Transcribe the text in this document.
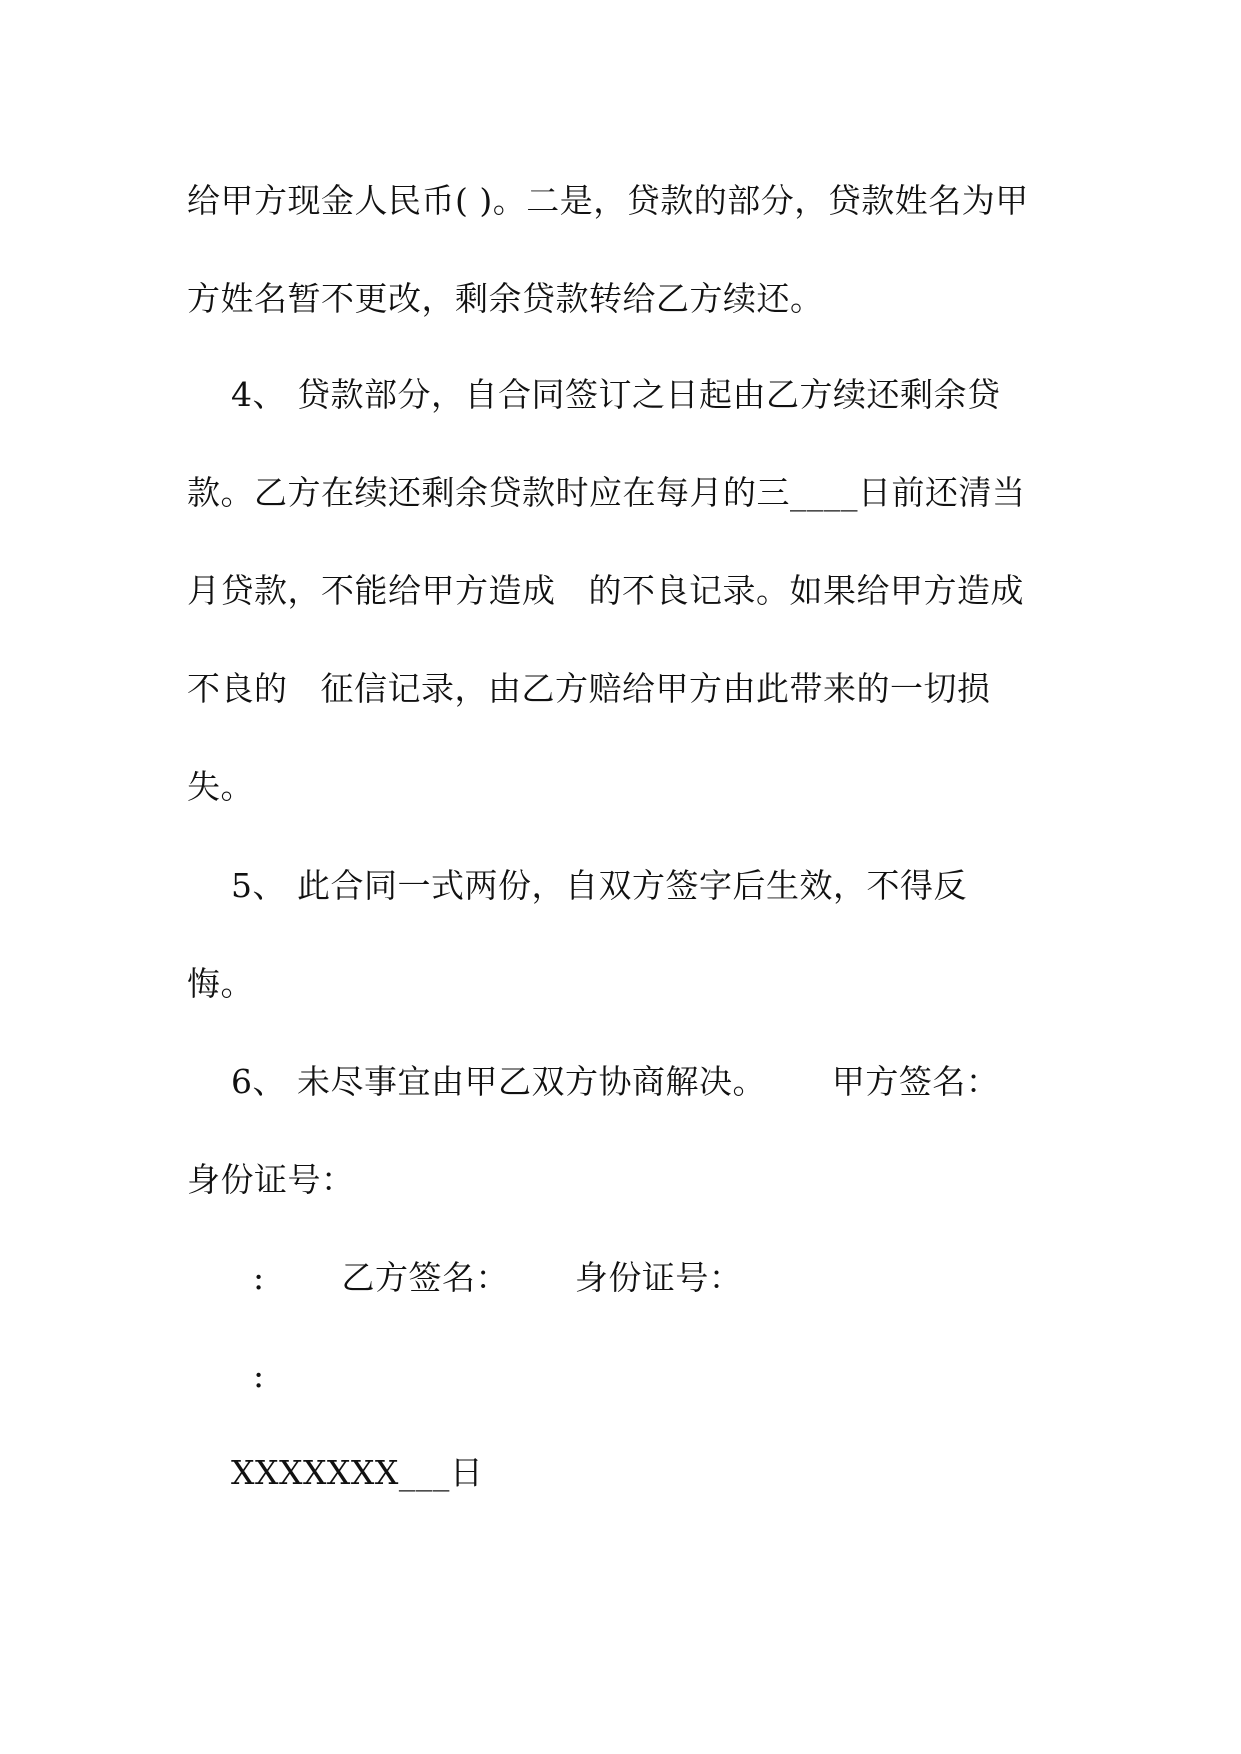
给甲方现金人民币( )。二是，贷款的部分，贷款姓名为甲
方姓名暂不更改，剩余贷款转给乙方续还。
4、 贷款部分，自合同签订之日起由乙方续还剩余贷
款。乙方在续还剩余贷款时应在每月的三____日前还清当
月贷款，不能给甲方造成   的不良记录。如果给甲方造成
不良的   征信记录，由乙方赔给甲方由此带来的一切损
失。
5、 此合同一式两份，自双方签字后生效，不得反
悔。
6、 未尽事宜由甲乙双方协商解决。      甲方签名：
身份证号：
:       乙方签名：      身份证号：
:
XXXXXXX___日
